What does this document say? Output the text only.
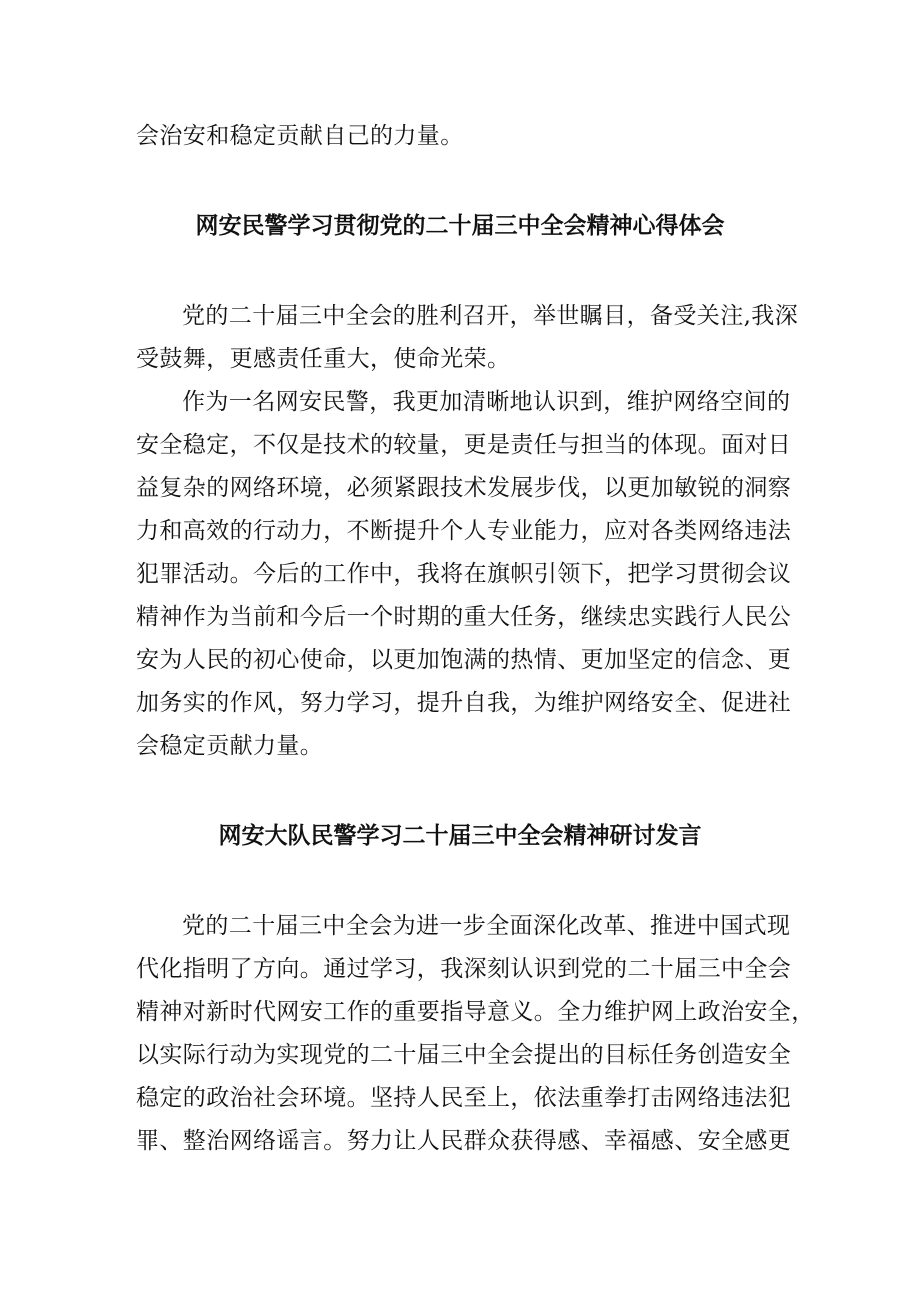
会治安和稳定贡献自己的力量。
网安民警学习贯彻党的二十届三中全会精神心得体会
党的二十届三中全会的胜利召开，举世瞩目，备受关注,我深
受鼓舞，更感责任重大，使命光荣。
作为一名网安民警，我更加清晰地认识到，维护网络空间的
安全稳定，不仅是技术的较量，更是责任与担当的体现。面对日
益复杂的网络环境，必须紧跟技术发展步伐，以更加敏锐的洞察
力和高效的行动力，不断提升个人专业能力，应对各类网络违法
犯罪活动。今后的工作中，我将在旗帜引领下，把学习贯彻会议
精神作为当前和今后一个时期的重大任务，继续忠实践行人民公
安为人民的初心使命，以更加饱满的热情、更加坚定的信念、更
加务实的作风，努力学习，提升自我，为维护网络安全、促进社
会稳定贡献力量。
网安大队民警学习二十届三中全会精神研讨发言
党的二十届三中全会为进一步全面深化改革、推进中国式现
代化指明了方向。通过学习，我深刻认识到党的二十届三中全会
精神对新时代网安工作的重要指导意义。全力维护网上政治安全，
以实际行动为实现党的二十届三中全会提出的目标任务创造安全
稳定的政治社会环境。坚持人民至上，依法重拳打击网络违法犯
罪、整治网络谣言。努力让人民群众获得感、幸福感、安全感更
